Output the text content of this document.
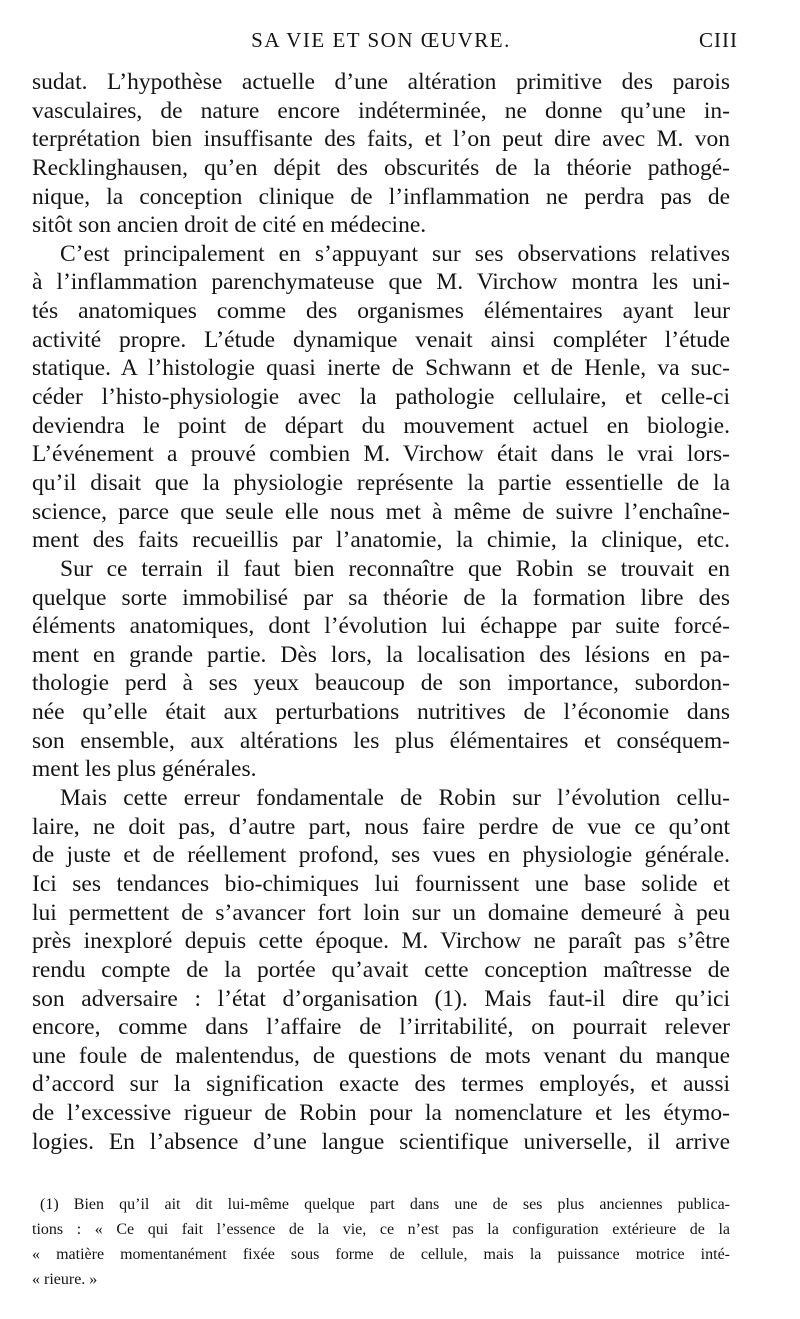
SA VIE ET SON ŒUVRE.	CIII
sudat. L’hypothèse actuelle d’une altération primitive des parois
vasculaires, de nature encore indéterminée, ne donne qu’une in-
terprétation bien insuffisante des faits, et l’on peut dire avec M. von
Recklinghausen, qu’en dépit des obscurités de la théorie pathogé-
nique, la conception clinique de l’inflammation ne perdra pas de
sitôt son ancien droit de cité en médecine.
C’est principalement en s’appuyant sur ses observations relatives
à l’inflammation parenchymateuse que M. Virchow montra les uni-
tés anatomiques comme des organismes élémentaires ayant leur
activité propre. L’étude dynamique venait ainsi compléter l’étude
statique. A l’histologie quasi inerte de Schwann et de Henle, va suc-
céder l’histo-physiologie avec la pathologie cellulaire, et celle-ci
deviendra le point de départ du mouvement actuel en biologie.
L’événement a prouvé combien M. Virchow était dans le vrai lors-
qu’il disait que la physiologie représente la partie essentielle de la
science, parce que seule elle nous met à même de suivre l’enchaîne-
ment des faits recueillis par l’anatomie, la chimie, la clinique, etc.
Sur ce terrain il faut bien reconnaître que Robin se trouvait en
quelque sorte immobilisé par sa théorie de la formation libre des
éléments anatomiques, dont l’évolution lui échappe par suite forcé-
ment en grande partie. Dès lors, la localisation des lésions en pa-
thologie perd à ses yeux beaucoup de son importance, subordon-
née qu’elle était aux perturbations nutritives de l’économie dans
son ensemble, aux altérations les plus élémentaires et conséquem-
ment les plus générales.
Mais cette erreur fondamentale de Robin sur l’évolution cellu-
laire, ne doit pas, d’autre part, nous faire perdre de vue ce qu’ont
de juste et de réellement profond, ses vues en physiologie générale.
Ici ses tendances bio-chimiques lui fournissent une base solide et
lui permettent de s’avancer fort loin sur un domaine demeuré à peu
près inexploré depuis cette époque. M. Virchow ne paraît pas s’être
rendu compte de la portée qu’avait cette conception maîtresse de
son adversaire : l’état d’organisation (1). Mais faut-il dire qu’ici
encore, comme dans l’affaire de l’irritabilité, on pourrait relever
une foule de malentendus, de questions de mots venant du manque
d’accord sur la signification exacte des termes employés, et aussi
de l’excessive rigueur de Robin pour la nomenclature et les étymo-
logies. En l’absence d’une langue scientifique universelle, il arrive
(1) Bien qu’il ait dit lui-même quelque part dans une de ses plus anciennes publica-
tions : « Ce qui fait l’essence de la vie, ce n’est pas la configuration extérieure de la
« matière momentanément fixée sous forme de cellule, mais la puissance motrice inté-
« rieure. »
